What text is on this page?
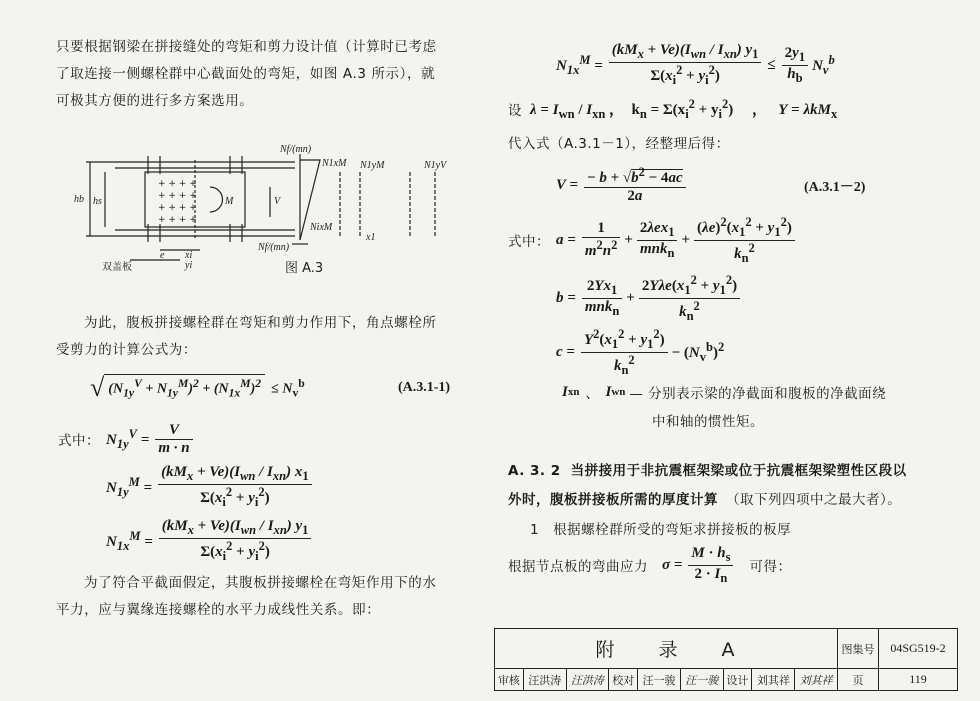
只要根据钢梁在拼接缝处的弯矩和剪力设计值（计算时已考虑
了取连接一侧螺栓群中心截面处的弯矩，如图 A.3 所示），就
可极其方便的进行多方案选用。
+ + + +
+ + + +
+ + + +
+ + + +
hb hs	M	V
e xi
yi
Nf/(mn)
N1xM
NixM
Nf/(mn)
N1yM	N1yV
x1
双盖板	图 A.3
为此，腹板拼接螺栓群在弯矩和剪力作用下，角点螺栓所
受剪力的计算公式为：
√ $(N_{1y}^V + N_{1y}^M)^2 + (N_{1x}^M)^2 \le N_v^b$	(A.3.1-1)
式中： $N_{1y}^V = \frac{V}{m \cdot n}$
$N_{1y}^M = \frac{(kM_x + Ve)(I_{wn} / I_{xn}) x_1}{\Sigma(x_i^2 + y_i^2)}$
$N_{1x}^M = \frac{(kM_x + Ve)(I_{wn} / I_{xn}) y_1}{\Sigma(x_i^2 + y_i^2)}$
为了符合平截面假定，其腹板拼接螺栓在弯矩作用下的水
平力，应与翼缘连接螺栓的水平力成线性关系。即：
$N_{1x}^M = \frac{(kM_x + Ve)(I_{wn} / I_{xn}) y_1}{\Sigma(x_i^2 + y_i^2)} \le \frac{2y_1}{h_b} N_v^b$
设 $\lambda = I_{wn} / I_{xn}$ ，　$k_n = \Sigma(x_i^2 + y_i^2)$ 　，　 Y = λkM$_x$
代入式（A.3.1－1），经整理后得：
$V = \frac{- b + √b^2 - 4ac}{2a}$	(A.3.1－2)
式中： $a = \frac{1}{m^2n^2} + \frac{2\lambda ex_1}{mnk_n} + \frac{(\lambda e)^2(x_1^2 + y_1^2)}{k_n^2}$
$b = \frac{2Yx_1}{mnk_n} + \frac{2Y\lambda e(x_1^2 + y_1^2)}{k_n^2}$
$c = \frac{Y^2(x_1^2 + y_1^2)}{k_n^2} - (N_v^b)^2$
I xn 、 I wn — 分别表示梁的净截面和腹板的净截面绕
中和轴的惯性矩。
A. 3. 2 当拼接用于非抗震框架梁或位于抗震框架梁塑性区段以
外时，腹板拼接板所需的厚度计算 （取下列四项中之最大者）。
1　根据螺栓群所受的弯矩求拼接板的板厚
根据节点板的弯曲应力 $\sigma = \frac{M \cdot h_s}{2 \cdot I_n}$ 可得：
附　　录　　A									图集号	04SG519-2
审核	汪洪涛	汪洪涛	校对	汪一骏	汪一骏	设计	刘其祥	刘其祥	页	119
